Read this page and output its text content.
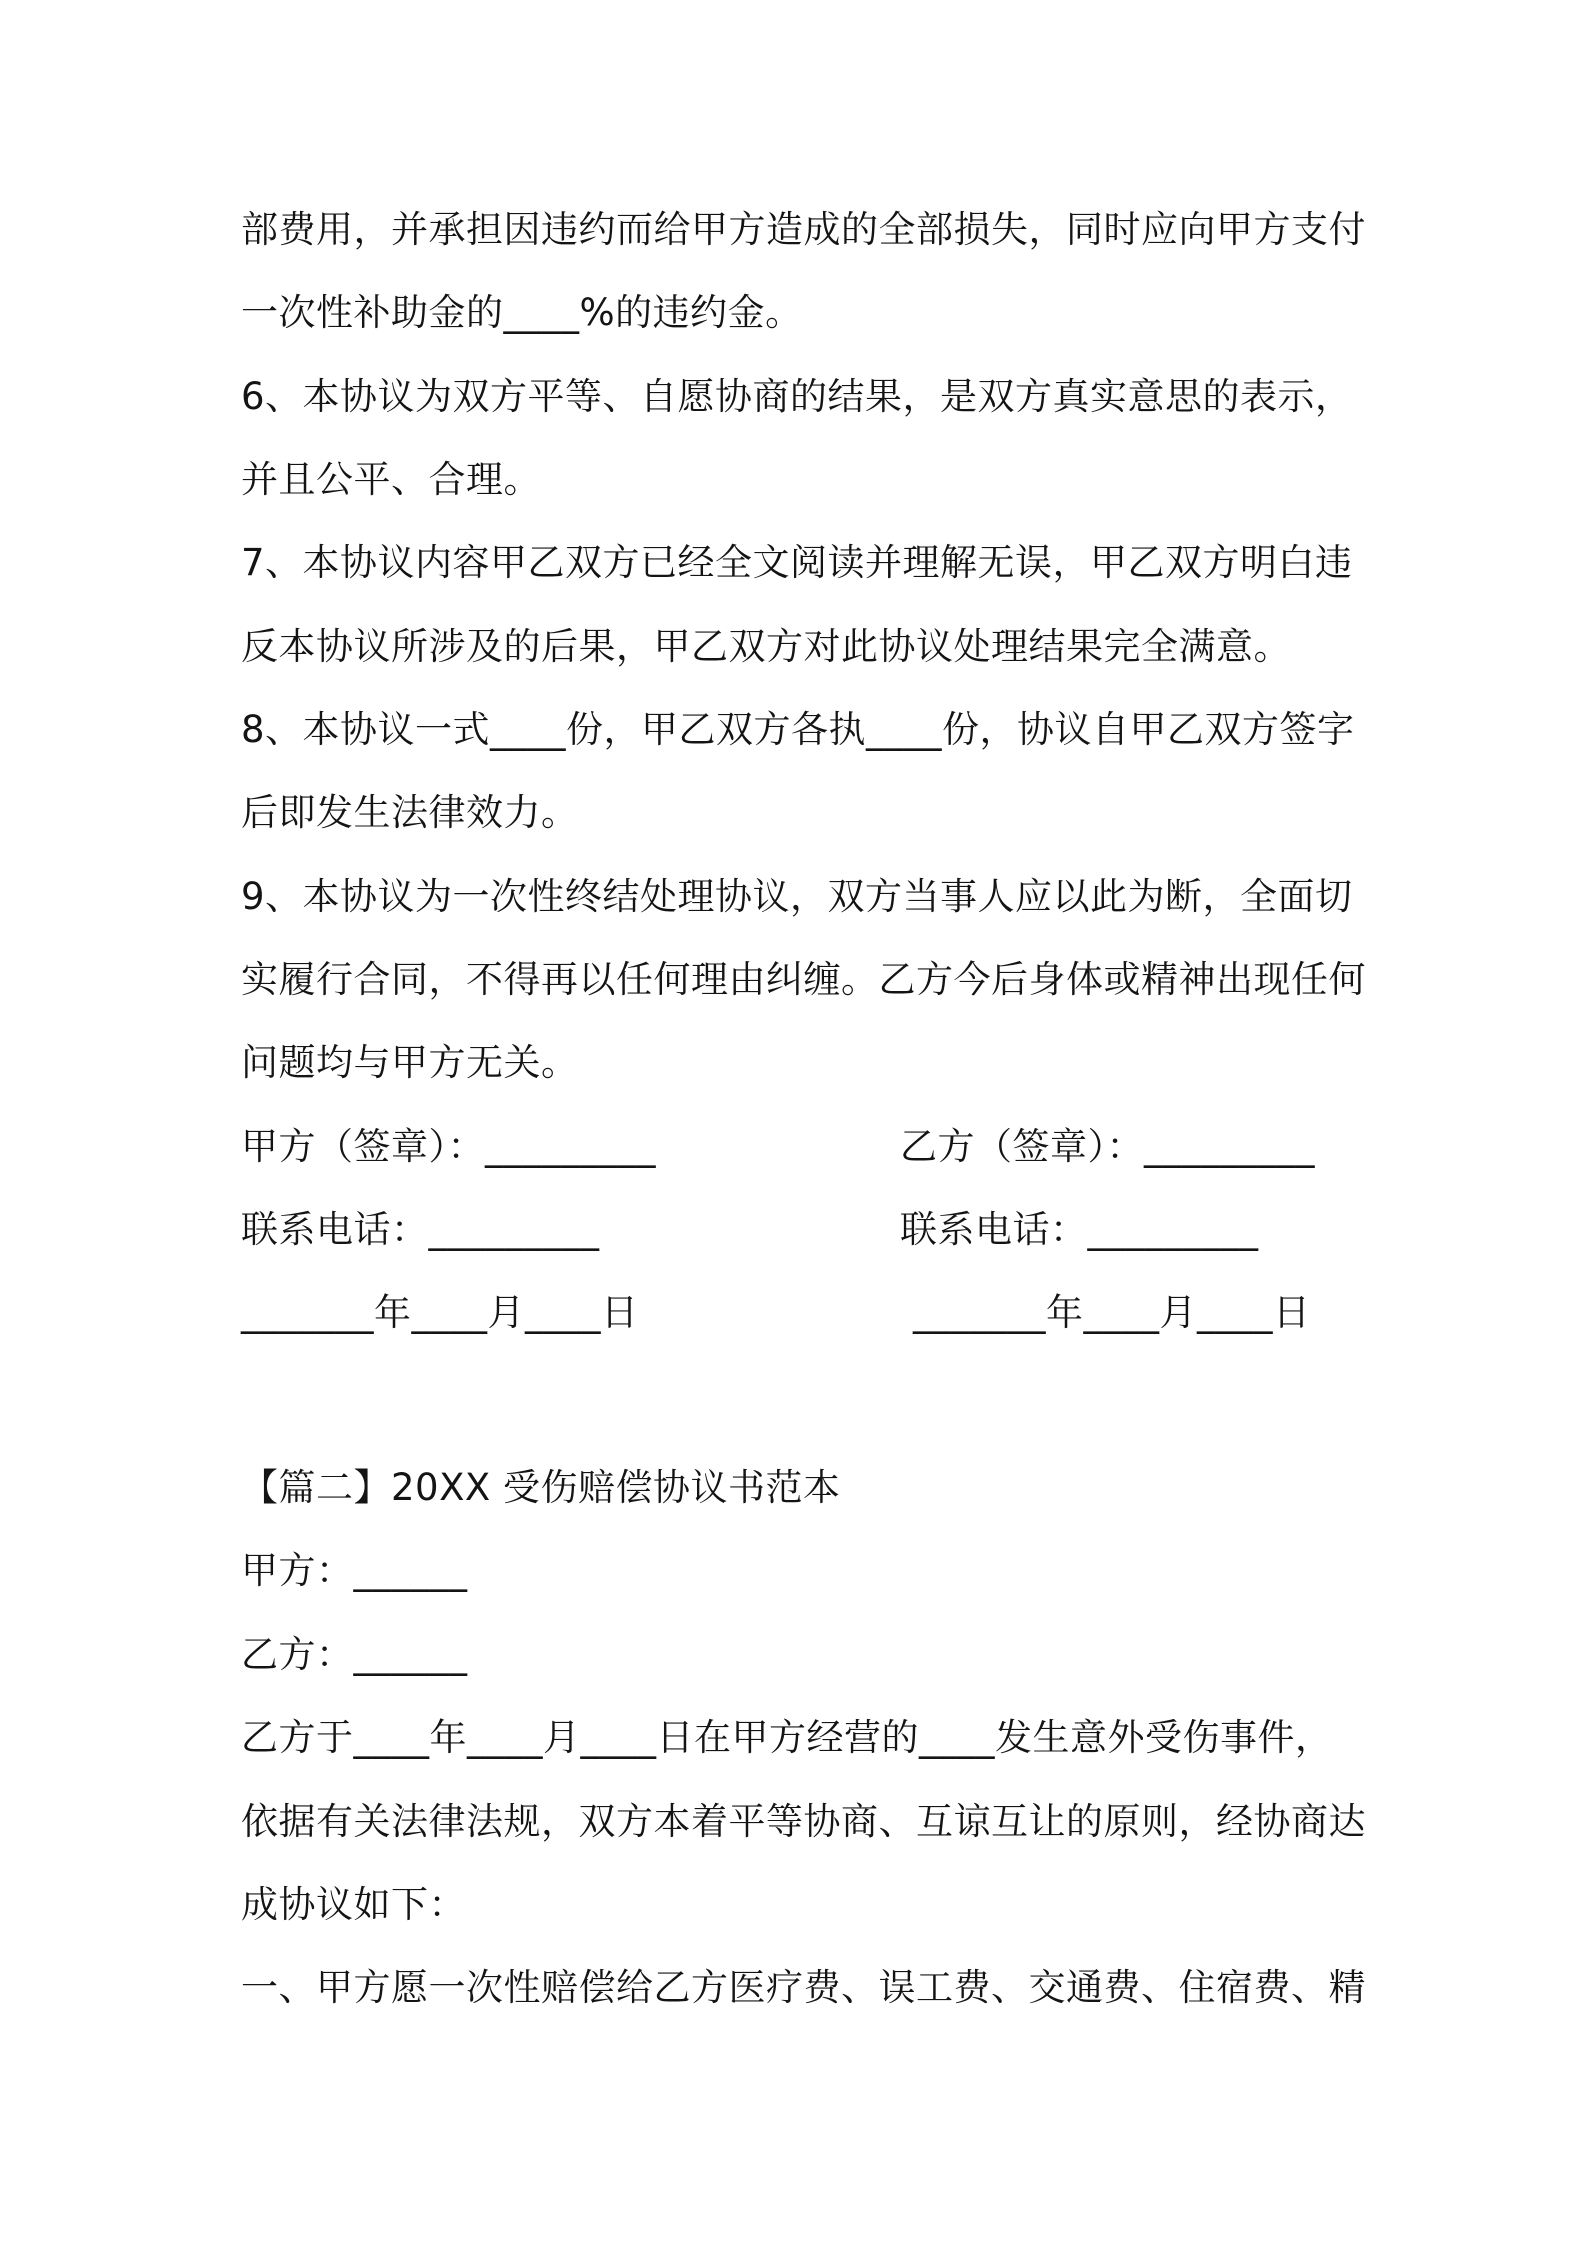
部费用，并承担因违约而给甲方造成的全部损失，同时应向甲方支付
一次性补助金的____%的违约金。
6、本协议为双方平等、自愿协商的结果，是双方真实意思的表示，
并且公平、合理。
7、本协议内容甲乙双方已经全文阅读并理解无误，甲乙双方明白违
反本协议所涉及的后果，甲乙双方对此协议处理结果完全满意。
8、本协议一式____份，甲乙双方各执____份，协议自甲乙双方签字
后即发生法律效力。
9、本协议为一次性终结处理协议，双方当事人应以此为断，全面切
实履行合同，不得再以任何理由纠缠。乙方今后身体或精神出现任何
问题均与甲方无关。
甲方（签章）：_________	乙方（签章）：_________
联系电话：_________	联系电话：_________
_______年____月____日	_______年____月____日
【篇二】20XX 受伤赔偿协议书范本
甲方：______
乙方：______
乙方于____年____月____日在甲方经营的____发生意外受伤事件，
依据有关法律法规，双方本着平等协商、互谅互让的原则，经协商达
成协议如下：
一、甲方愿一次性赔偿给乙方医疗费、误工费、交通费、住宿费、精
